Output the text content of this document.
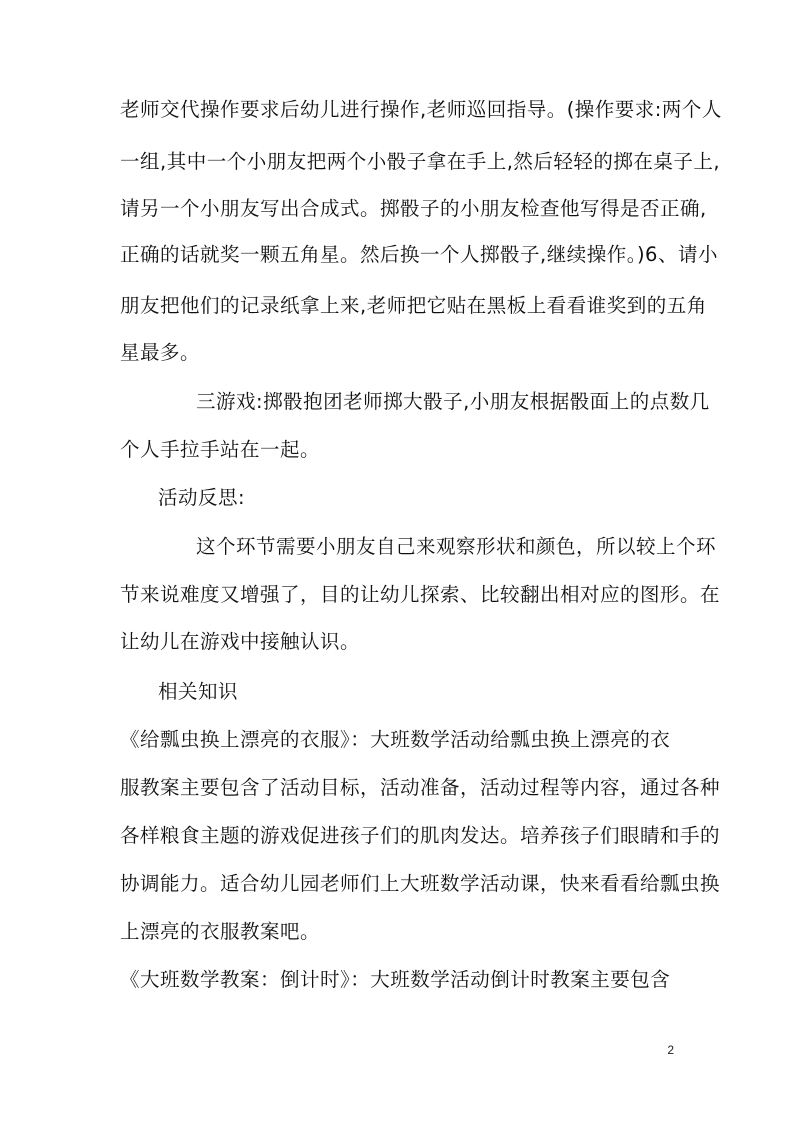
老师交代操作要求后幼儿进行操作,老师巡回指导。(操作要求:两个人
一组,其中一个小朋友把两个小骰子拿在手上,然后轻轻的掷在桌子上,
请另一个小朋友写出合成式。掷骰子的小朋友检查他写得是否正确,
正确的话就奖一颗五角星。然后换一个人掷骰子,继续操作。)6、请小
朋友把他们的记录纸拿上来,老师把它贴在黑板上看看谁奖到的五角
星最多。
三游戏:掷骰抱团老师掷大骰子,小朋友根据骰面上的点数几
个人手拉手站在一起。
活动反思:
这个环节需要小朋友自己来观察形状和颜色，所以较上个环
节来说难度又增强了，目的让幼儿探索、比较翻出相对应的图形。在
让幼儿在游戏中接触认识。
相关知识
《给瓢虫换上漂亮的衣服》：大班数学活动给瓢虫换上漂亮的衣
服教案主要包含了活动目标，活动准备，活动过程等内容，通过各种
各样粮食主题的游戏促进孩子们的肌肉发达。培养孩子们眼睛和手的
协调能力。适合幼儿园老师们上大班数学活动课，快来看看给瓢虫换
上漂亮的衣服教案吧。
《大班数学教案：倒计时》：大班数学活动倒计时教案主要包含
2
